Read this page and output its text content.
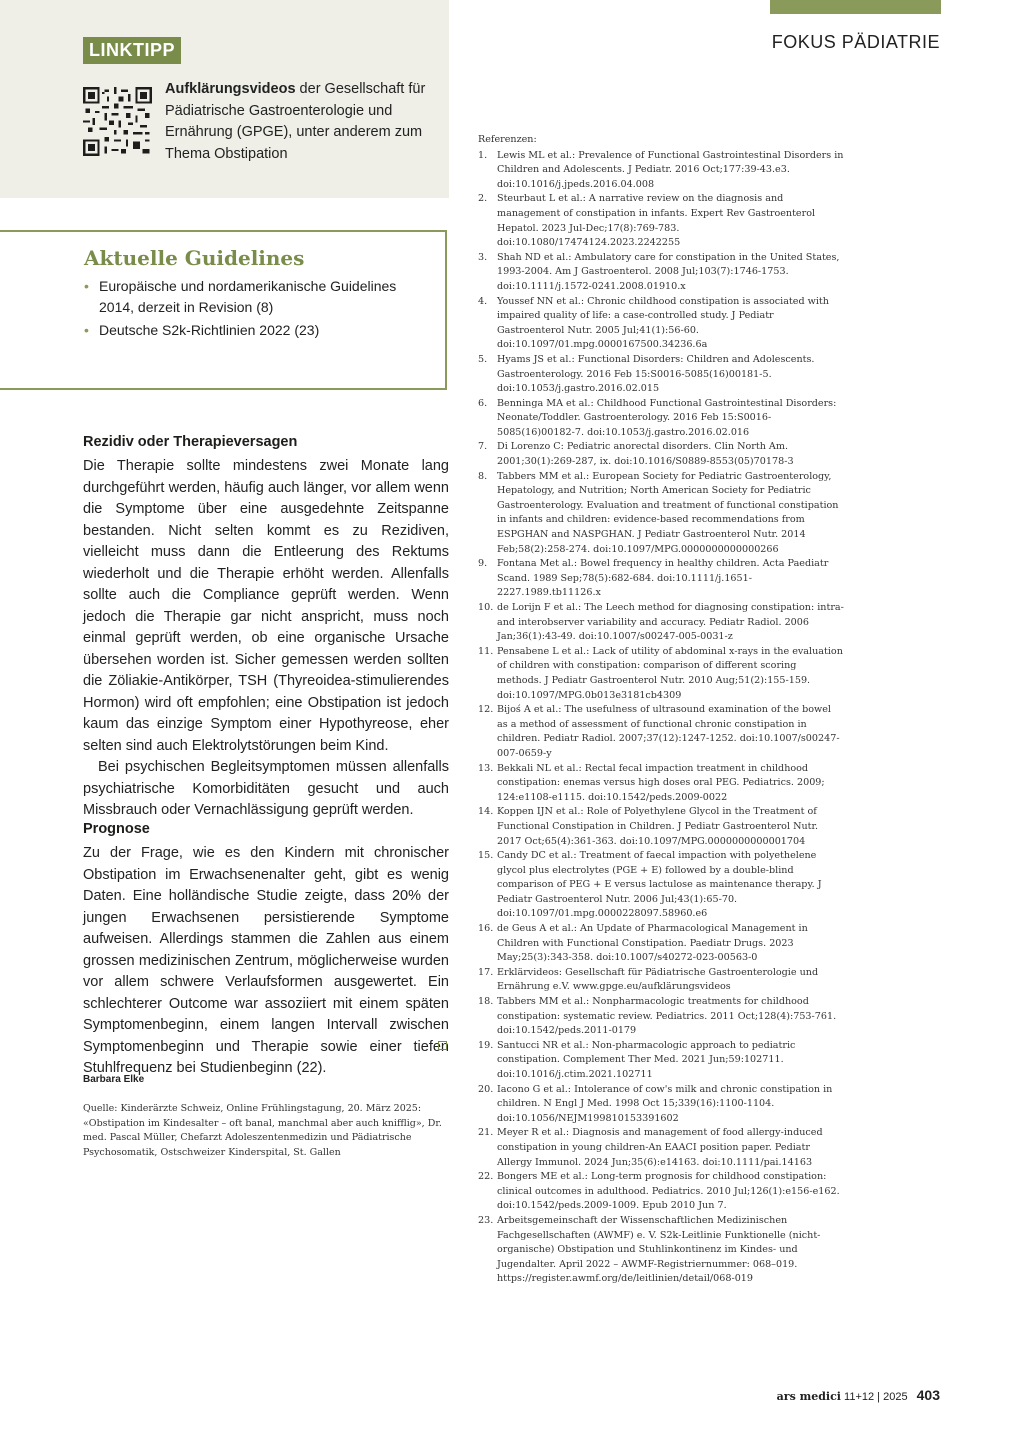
FOKUS PÄDIATRIE
LINKTIPP
Aufklärungsvideos der Gesellschaft für Pädiatrische Gastroenterologie und Ernährung (GPGE), unter anderem zum Thema Obstipation
Aktuelle Guidelines
• Europäische und nordamerikanische Guidelines 2014, derzeit in Revision (8)
• Deutsche S2k-Richtlinien 2022 (23)
Rezidiv oder Therapieversagen

Die Therapie sollte mindestens zwei Monate lang durchgeführt werden, häufig auch länger, vor allem wenn die Symptome über eine ausgedehnte Zeitspanne bestanden. Nicht selten kommt es zu Rezidiven, vielleicht muss dann die Entleerung des Rektums wiederholt und die Therapie erhöht werden. Allenfalls sollte auch die Compliance geprüft werden. Wenn jedoch die Therapie gar nicht anspricht, muss noch einmal geprüft werden, ob eine organische Ursache übersehen worden ist. Sicher gemessen werden sollten die Zöliakie-Antikörper, TSH (Thyreoidea-stimulierendes Hormon) wird oft empfohlen; eine Obstipation ist jedoch kaum das einzige Symptom einer Hypothyreose, eher selten sind auch Elektrolytstörungen beim Kind.

Bei psychischen Begleitsymptomen müssen allenfalls psychiatrische Komorbiditäten gesucht und auch Missbrauch oder Vernachlässigung geprüft werden.

Prognose

Zu der Frage, wie es den Kindern mit chronischer Obstipation im Erwachsenenalter geht, gibt es wenig Daten. Eine holländische Studie zeigte, dass 20% der jungen Erwachsenen persistierende Symptome aufweisen. Allerdings stammen die Zahlen aus einem grossen medizinischen Zentrum, möglicherweise wurden vor allem schwere Verlaufsformen ausgewertet. Ein schlechterer Outcome war assoziiert mit einem späten Symptomenbeginn, einem langen Intervall zwischen Symptomenbeginn und Therapie sowie einer tiefen Stuhlfrequenz bei Studienbeginn (22).

Barbara Elke
Quelle: Kinderärzte Schweiz, Online Frühlingstagung, 20. März 2025: «Obstipation im Kindesalter – oft banal, manchmal aber auch knifflig», Dr. med. Pascal Müller, Chefarzt Adoleszentenmedizin und Pädiatrische Psychosomatik, Ostschweizer Kinderspital, St. Gallen
Referenzen:
1. Lewis ML et al.: Prevalence of Functional Gastrointestinal Disorders in Children and Adolescents. J Pediatr. 2016 Oct;177:39-43.e3. doi:10.1016/j.jpeds.2016.04.008
2. Steurbaut L et al.: A narrative review on the diagnosis and management of constipation in infants. Expert Rev Gastroenterol Hepatol. 2023 Jul-Dec;17(8):769-783. doi:10.1080/17474124.2023.2242255
3. Shah ND et al.: Ambulatory care for constipation in the United States, 1993-2004. Am J Gastroenterol. 2008 Jul;103(7):1746-1753. doi:10.1111/j.1572-0241.2008.01910.x
4. Youssef NN et al.: Chronic childhood constipation is associated with impaired quality of life: a case-controlled study. J Pediatr Gastroenterol Nutr. 2005 Jul;41(1):56-60. doi:10.1097/01.mpg.0000167500.34236.6a
5. Hyams JS et al.: Functional Disorders: Children and Adolescents. Gastroenterology. 2016 Feb 15:S0016-5085(16)00181-5. doi:10.1053/j.gastro.2016.02.015
6. Benninga MA et al.: Childhood Functional Gastrointestinal Disorders: Neonate/Toddler. Gastroenterology. 2016 Feb 15:S0016-5085(16)00182-7. doi:10.1053/j.gastro.2016.02.016
7. Di Lorenzo C: Pediatric anorectal disorders. Clin North Am. 2001;30(1):269-287, ix. doi:10.1016/S0889-8553(05)70178-3
8. Tabbers MM et al.: European Society for Pediatric Gastroenterology, Hepatology, and Nutrition; North American Society for Pediatric Gastroenterology. Evaluation and treatment of functional constipation in infants and children: evidence-based recommendations from ESPGHAN and NASPGHAN. J Pediatr Gastroenterol Nutr. 2014 Feb;58(2):258-274. doi:10.1097/MPG.0000000000000266
9. Fontana Met al.: Bowel frequency in healthy children. Acta Paediatr Scand. 1989 Sep;78(5):682-684. doi:10.1111/j.1651-2227.1989.tb11126.x
10. de Lorijn F et al.: The Leech method for diagnosing constipation: intra- and interobserver variability and accuracy. Pediatr Radiol. 2006 Jan;36(1):43-49. doi:10.1007/s00247-005-0031-z
11. Pensabene L et al.: Lack of utility of abdominal x-rays in the evaluation of children with constipation: comparison of different scoring methods. J Pediatr Gastroenterol Nutr. 2010 Aug;51(2):155-159. doi:10.1097/MPG.0b013e3181cb4309
12. Bijoś A et al.: The usefulness of ultrasound examination of the bowel as a method of assessment of functional chronic constipation in children. Pediatr Radiol. 2007;37(12):1247-1252. doi:10.1007/s00247-007-0659-y
13. Bekkali NL et al.: Rectal fecal impaction treatment in childhood constipation: enemas versus high doses oral PEG. Pediatrics. 2009; 124:e1108-e1115. doi:10.1542/peds.2009-0022
14. Koppen IJN et al.: Role of Polyethylene Glycol in the Treatment of Functional Constipation in Children. J Pediatr Gastroenterol Nutr. 2017 Oct;65(4):361-363. doi:10.1097/MPG.0000000000001704
15. Candy DC et al.: Treatment of faecal impaction with polyethelene glycol plus electrolytes (PGE + E) followed by a double-blind comparison of PEG + E versus lactulose as maintenance therapy. J Pediatr Gastroenterol Nutr. 2006 Jul;43(1):65-70. doi:10.1097/01.mpg.0000228097.58960.e6
16. de Geus A et al.: An Update of Pharmacological Management in Children with Functional Constipation. Paediatr Drugs. 2023 May;25(3):343-358. doi:10.1007/s40272-023-00563-0
17. Erklärvideos: Gesellschaft für Pädiatrische Gastroenterologie und Ernährung e.V. www.gpge.eu/aufklärungsvideos
18. Tabbers MM et al.: Nonpharmacologic treatments for childhood constipation: systematic review. Pediatrics. 2011 Oct;128(4):753-761. doi:10.1542/peds.2011-0179
19. Santucci NR et al.: Non-pharmacologic approach to pediatric constipation. Complement Ther Med. 2021 Jun;59:102711. doi:10.1016/j.ctim.2021.102711
20. Iacono G et al.: Intolerance of cow's milk and chronic constipation in children. N Engl J Med. 1998 Oct 15;339(16):1100-1104. doi:10.1056/NEJM199810153391602
21. Meyer R et al.: Diagnosis and management of food allergy-induced constipation in young children-An EAACI position paper. Pediatr Allergy Immunol. 2024 Jun;35(6):e14163. doi:10.1111/pai.14163
22. Bongers ME et al.: Long-term prognosis for childhood constipation: clinical outcomes in adulthood. Pediatrics. 2010 Jul;126(1):e156-e162. doi:10.1542/peds.2009-1009. Epub 2010 Jun 7.
23. Arbeitsgemeinschaft der Wissenschaftlichen Medizinischen Fachgesellschaften (AWMF) e. V. S2k-Leitlinie Funktionelle (nicht-organische) Obstipation und Stuhlinkontinenz im Kindes- und Jugendalter. April 2022 – AWMF-Registriernummer: 068–019. https://register.awmf.org/de/leitlinien/detail/068-019
ars medici 11+12 | 2025 403
